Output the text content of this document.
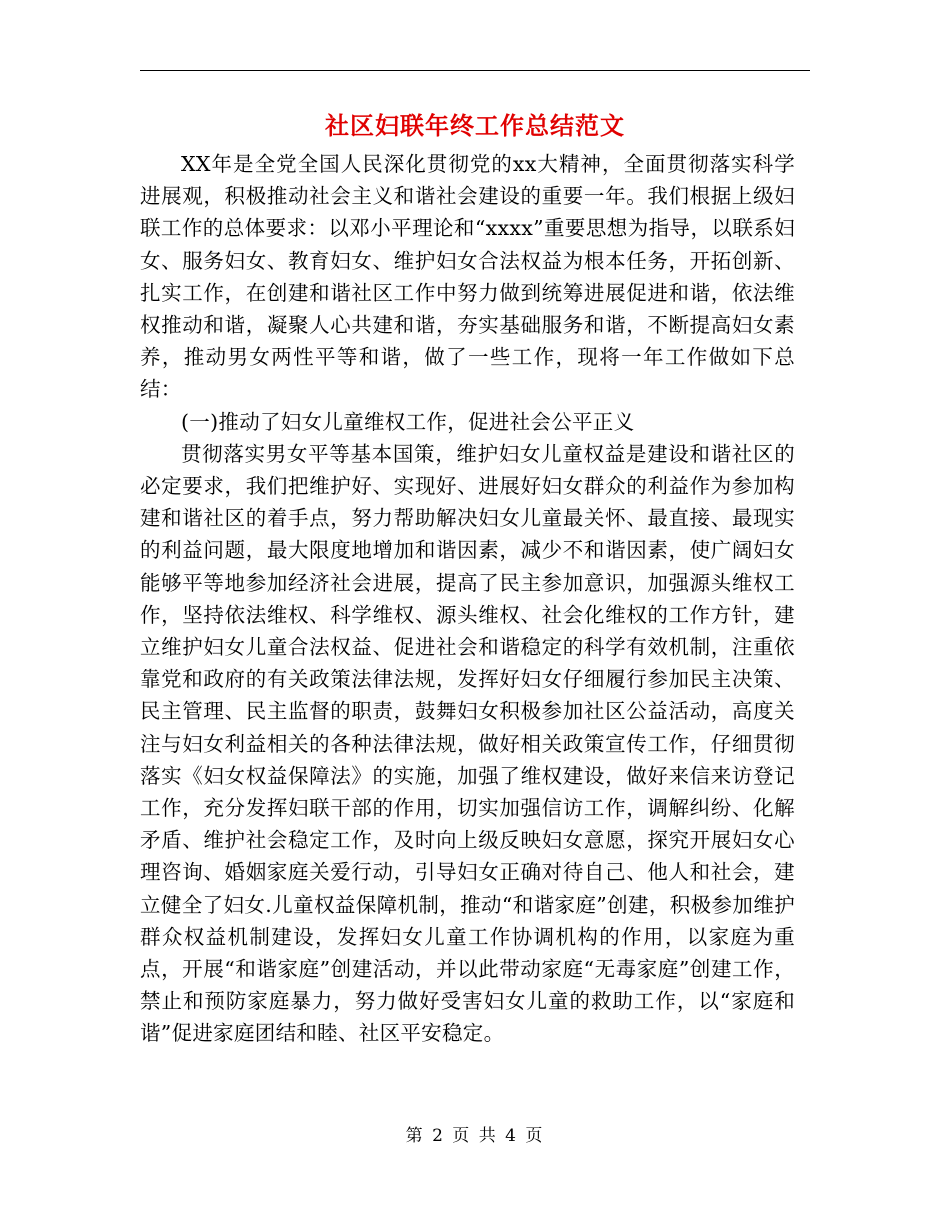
社区妇联年终工作总结范文

XX年是全党全国人民深化贯彻党的xx大精神，全面贯彻落实科学进展观，积极推动社会主义和谐社会建设的重要一年。我们根据上级妇联工作的总体要求：以邓小平理论和“xxxx”重要思想为指导，以联系妇女、服务妇女、教育妇女、维护妇女合法权益为根本任务，开拓创新、扎实工作，在创建和谐社区工作中努力做到统筹进展促进和谐，依法维权推动和谐，凝聚人心共建和谐，夯实基础服务和谐，不断提高妇女素养，推动男女两性平等和谐，做了一些工作，现将一年工作做如下总结：

(一)推动了妇女儿童维权工作，促进社会公平正义

贯彻落实男女平等基本国策，维护妇女儿童权益是建设和谐社区的必定要求，我们把维护好、实现好、进展好妇女群众的利益作为参加构建和谐社区的着手点，努力帮助解决妇女儿童最关怀、最直接、最现实的利益问题，最大限度地增加和谐因素，减少不和谐因素，使广阔妇女能够平等地参加经济社会进展，提高了民主参加意识，加强源头维权工作，坚持依法维权、科学维权、源头维权、社会化维权的工作方针，建立维护妇女儿童合法权益、促进社会和谐稳定的科学有效机制，注重依靠党和政府的有关政策法律法规，发挥好妇女仔细履行参加民主决策、民主管理、民主监督的职责，鼓舞妇女积极参加社区公益活动，高度关注与妇女利益相关的各种法律法规，做好相关政策宣传工作，仔细贯彻落实《妇女权益保障法》的实施，加强了维权建设，做好来信来访登记工作，充分发挥妇联干部的作用，切实加强信访工作，调解纠纷、化解矛盾、维护社会稳定工作，及时向上级反映妇女意愿，探究开展妇女心理咨询、婚姻家庭关爱行动，引导妇女正确对待自己、他人和社会，建立健全了妇女.儿童权益保障机制，推动“和谐家庭”创建，积极参加维护群众权益机制建设，发挥妇女儿童工作协调机构的作用，以家庭为重点，开展“和谐家庭”创建活动，并以此带动家庭“无毒家庭”创建工作，禁止和预防家庭暴力，努力做好受害妇女儿童的救助工作，以“家庭和谐”促进家庭团结和睦、社区平安稳定。

第 2 页 共 4 页
